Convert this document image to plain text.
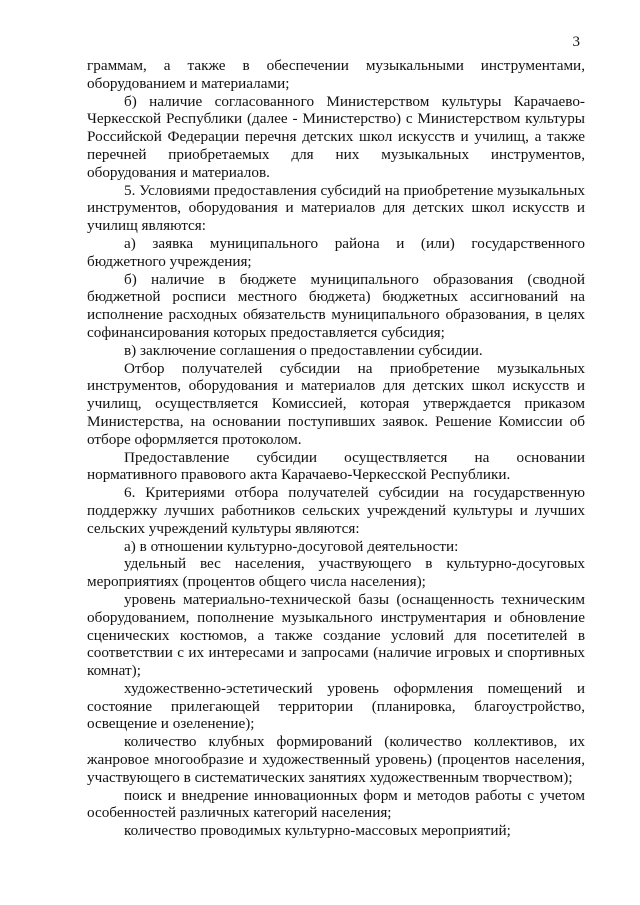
3

граммам, а также в обеспечении музыкальными инструментами, оборудованием и материалами;

б) наличие согласованного Министерством культуры Карачаево-Черкесской Республики (далее - Министерство) с Министерством культуры Российской Федерации перечня детских школ искусств и училищ, а также перечней приобретаемых для них музыкальных инструментов, оборудования и материалов.

5. Условиями предоставления субсидий на приобретение музыкальных инструментов, оборудования и материалов для детских школ искусств и училищ являются:

а) заявка муниципального района и (или) государственного бюджетного учреждения;

б) наличие в бюджете муниципального образования (сводной бюджетной росписи местного бюджета) бюджетных ассигнований на исполнение расходных обязательств муниципального образования, в целях софинансирования которых предоставляется субсидия;

в) заключение соглашения о предоставлении субсидии.

Отбор получателей субсидии на приобретение музыкальных инструментов, оборудования и материалов для детских школ искусств и училищ, осуществляется Комиссией, которая утверждается приказом Министерства, на основании поступивших заявок. Решение Комиссии об отборе оформляется протоколом.

Предоставление субсидии осуществляется на основании нормативного правового акта Карачаево-Черкесской Республики.

6. Критериями отбора получателей субсидии на государственную поддержку лучших работников сельских учреждений культуры и лучших сельских учреждений культуры являются:

а) в отношении культурно-досуговой деятельности:

удельный вес населения, участвующего в культурно-досуговых мероприятиях (процентов общего числа населения);

уровень материально-технической базы (оснащенность техническим оборудованием, пополнение музыкального инструментария и обновление сценических костюмов, а также создание условий для посетителей в соответствии с их интересами и запросами (наличие игровых и спортивных комнат);

художественно-эстетический уровень оформления помещений и состояние прилегающей территории (планировка, благоустройство, освещение и озеленение);

количество клубных формирований (количество коллективов, их жанровое многообразие и художественный уровень) (процентов населения, участвующего в систематических занятиях художественным творчеством);

поиск и внедрение инновационных форм и методов работы с учетом особенностей различных категорий населения;

количество проводимых культурно-массовых мероприятий;
